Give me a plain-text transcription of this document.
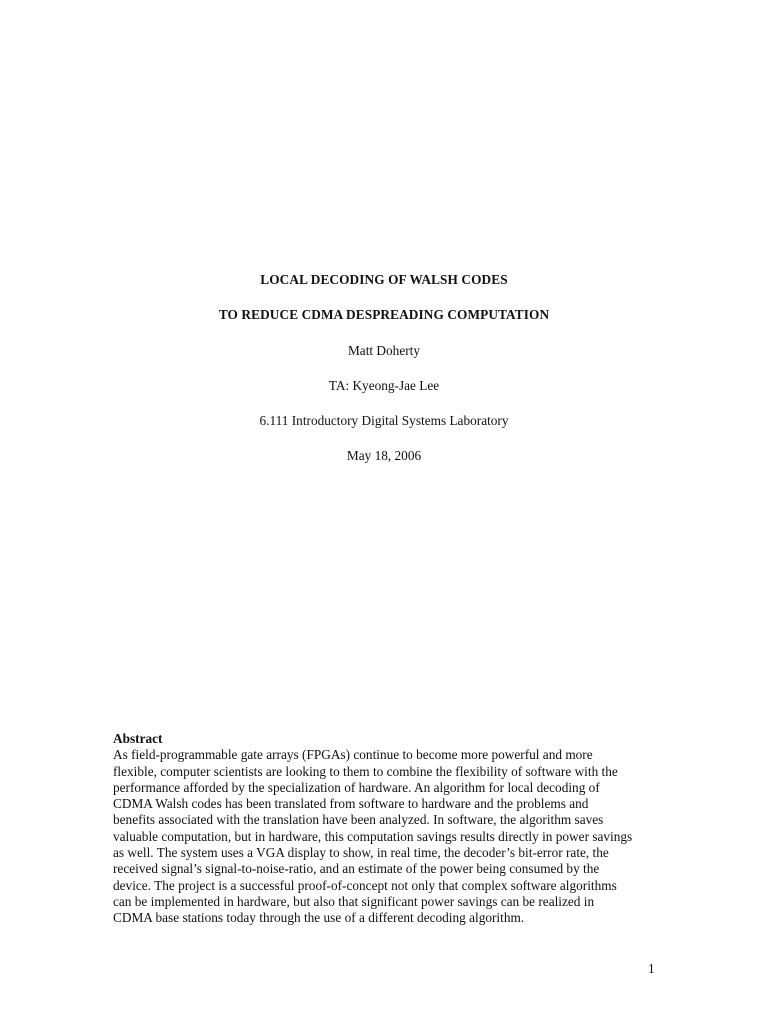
LOCAL DECODING OF WALSH CODES

TO REDUCE CDMA DESPREADING COMPUTATION

Matt Doherty

TA: Kyeong-Jae Lee

6.111 Introductory Digital Systems Laboratory

May 18, 2006

Abstract

As field-programmable gate arrays (FPGAs) continue to become more powerful and more
flexible, computer scientists are looking to them to combine the flexibility of software with the
performance afforded by the specialization of hardware. An algorithm for local decoding of
CDMA Walsh codes has been translated from software to hardware and the problems and
benefits associated with the translation have been analyzed. In software, the algorithm saves
valuable computation, but in hardware, this computation savings results directly in power savings
as well. The system uses a VGA display to show, in real time, the decoder’s bit-error rate, the
received signal’s signal-to-noise-ratio, and an estimate of the power being consumed by the
device. The project is a successful proof-of-concept not only that complex software algorithms
can be implemented in hardware, but also that significant power savings can be realized in
CDMA base stations today through the use of a different decoding algorithm.

1
